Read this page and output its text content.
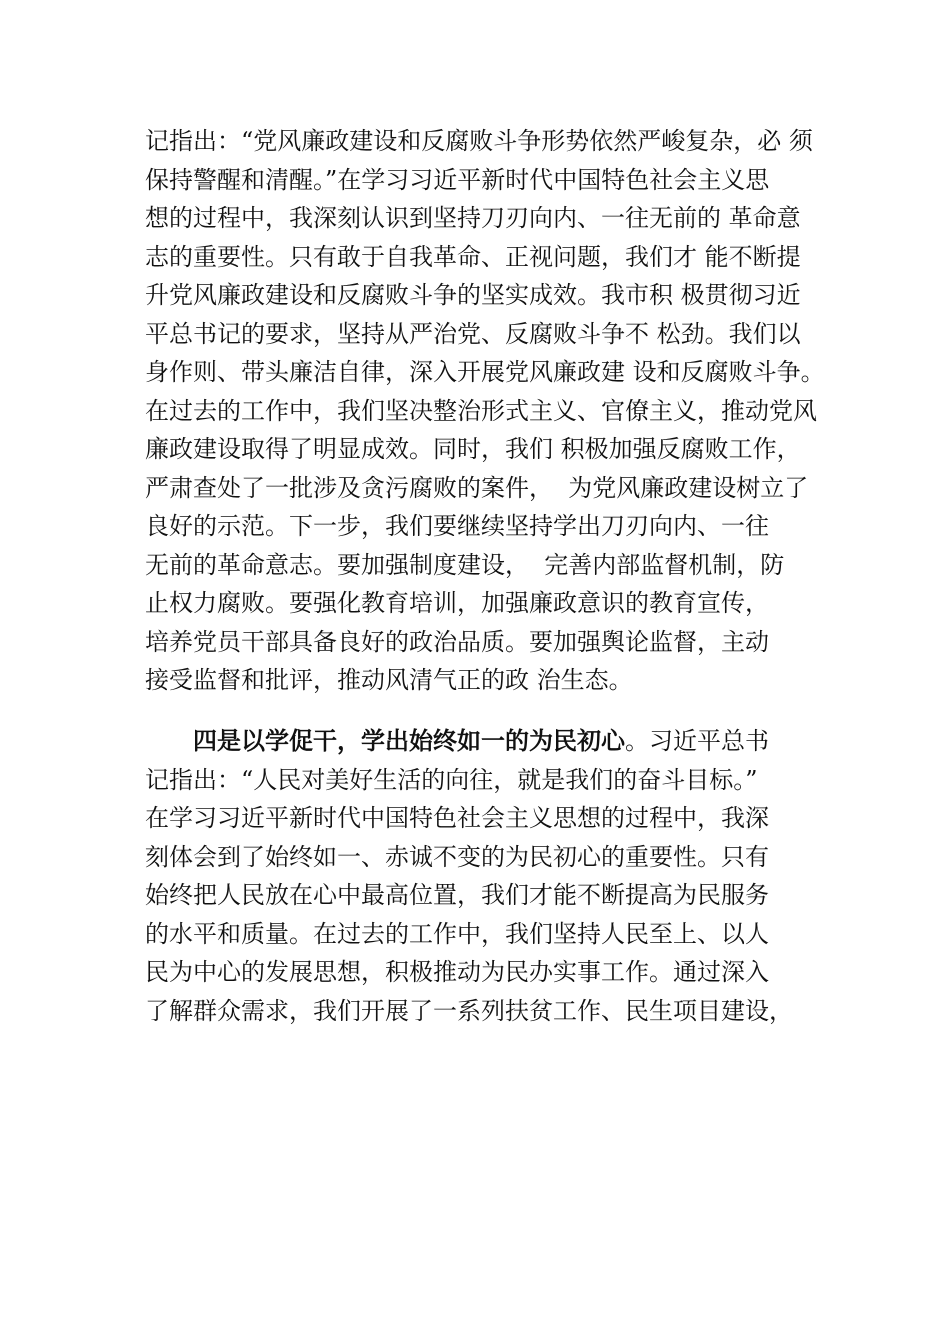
记指出：“党风廉政建设和反腐败斗争形势依然严峻复杂，必 须
保持警醒和清醒。”在学习习近平新时代中国特色社会主义思
想的过程中，我深刻认识到坚持刀刃向内、一往无前的 革命意
志的重要性。只有敢于自我革命、正视问题，我们才 能不断提
升党风廉政建设和反腐败斗争的坚实成效。我市积 极贯彻习近
平总书记的要求，坚持从严治党、反腐败斗争不 松劲。我们以
身作则、带头廉洁自律，深入开展党风廉政建 设和反腐败斗争。
在过去的工作中，我们坚决整治形式主义、官僚主义，推动党风
廉政建设取得了明显成效。同时，我们 积极加强反腐败工作，
严肃查处了一批涉及贪污腐败的案件，  为党风廉政建设树立了
良好的示范。下一步，我们要继续坚持学出刀刃向内、一往
无前的革命意志。要加强制度建设，  完善内部监督机制，防
止权力腐败。要强化教育培训，加强廉政意识的教育宣传，
培养党员干部具备良好的政治品质。要加强舆论监督，主动
接受监督和批评，推动风清气正的政 治生态。
四是以学促干，学出始终如一的为民初心。习近平总书
记指出：“人民对美好生活的向往，就是我们的奋斗目标。”
在学习习近平新时代中国特色社会主义思想的过程中，我深
刻体会到了始终如一、赤诚不变的为民初心的重要性。只有
始终把人民放在心中最高位置，我们才能不断提高为民服务
的水平和质量。在过去的工作中，我们坚持人民至上、以人
民为中心的发展思想，积极推动为民办实事工作。通过深入
了解群众需求，我们开展了一系列扶贫工作、民生项目建设，
